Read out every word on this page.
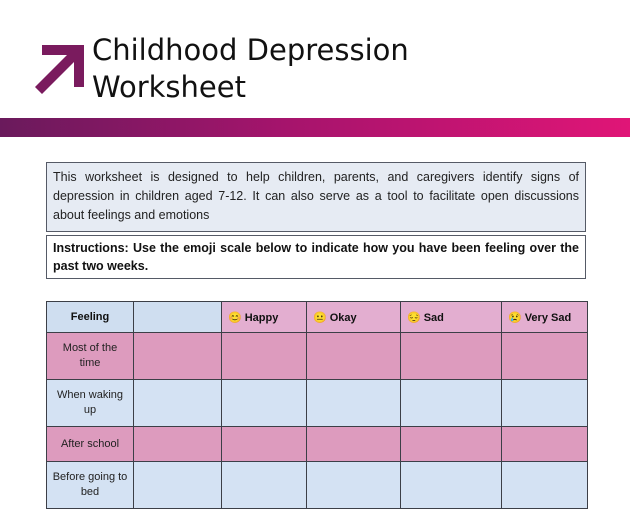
Childhood Depression
Worksheet
This worksheet is designed to help children, parents, and caregivers identify signs of depression in children aged 7-12. It can also serve as a tool to facilitate open discussions about feelings and emotions
Instructions: Use the emoji scale below to indicate how you have been feeling over the past two weeks.
Feeling		😊 Happy	😐 Okay	😔 Sad	😢 Very Sad
Most of the time					
When waking up					
After school					
Before going to bed					
